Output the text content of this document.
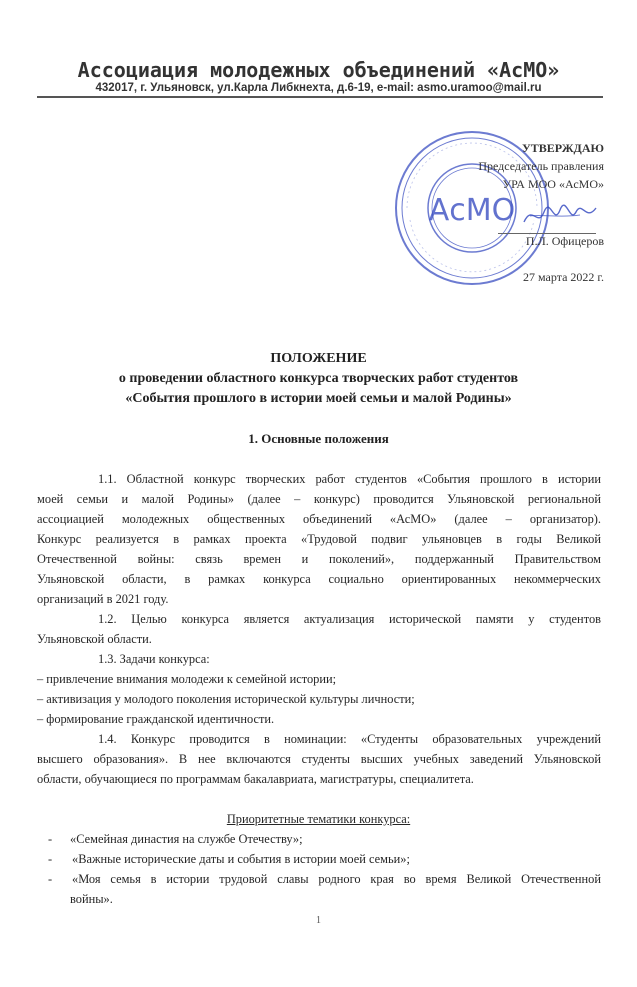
Ассоциация молодежных объединений «АсМО»
432017, г. Ульяновск, ул.Карла Либкнехта, д.6-19, e-mail: asmo.uramoo@mail.ru
АсМО
УТВЕРЖДАЮ
Председатель правления
УРА МОО «АсМО»
П.Л. Офицеров
27 марта 2022 г.
ПОЛОЖЕНИЕ
о проведении областного конкурса творческих работ студентов
«События прошлого в истории моей семьи и малой Родины»
1. Основные положения
1.1. Областной конкурс творческих работ студентов «События прошлого в истории
моей семьи и малой Родины» (далее – конкурс) проводится Ульяновской региональной
ассоциацией молодежных общественных объединений «АсМО» (далее – организатор).
Конкурс реализуется в рамках проекта «Трудовой подвиг ульяновцев в годы Великой
Отечественной войны: связь времен и поколений», поддержанный Правительством
Ульяновской области, в рамках конкурса социально ориентированных некоммерческих
организаций в 2021 году.
1.2. Целью конкурса является актуализация исторической памяти у студентов
Ульяновской области.
1.3. Задачи конкурса:
– привлечение внимания молодежи к семейной истории;
– активизация у молодого поколения исторической культуры личности;
– формирование гражданской идентичности.
1.4. Конкурс проводится в номинации: «Студенты образовательных учреждений
высшего образования». В нее включаются студенты высших учебных заведений Ульяновской
области, обучающиеся по программам бакалавриата, магистратуры, специалитета.
Приоритетные тематики конкурса:
- «Семейная династия на службе Отечеству»;
- «Важные исторические даты и события в истории моей семьи»;
- «Моя семья в истории трудовой славы родного края во время Великой Отечественной
войны».
1
